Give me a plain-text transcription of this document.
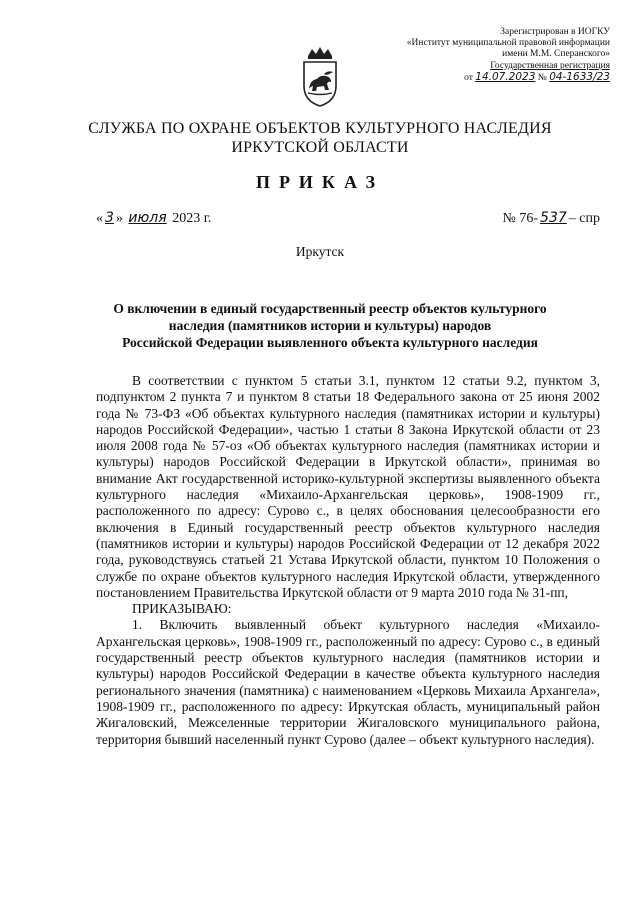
Зарегистрирован в ИОГКУ
«Институт муниципальной правовой информации
имени М.М. Сперанского»
Государственная регистрация
от 14.07.2023 № 04-1633/23
СЛУЖБА ПО ОХРАНЕ ОБЪЕКТОВ КУЛЬТУРНОГО НАСЛЕДИЯ
ИРКУТСКОЙ ОБЛАСТИ
ПРИКАЗ
« 3 » июля 2023 г.	№ 76- 537 – спр
Иркутск
О включении в единый государственный реестр объектов культурного
наследия (памятников истории и культуры) народов
Российской Федерации выявленного объекта культурного наследия

В соответствии с пунктом 5 статьи 3.1, пунктом 12 статьи 9.2, пунктом 3, подпунктом 2 пункта 7 и пунктом 8 статьи 18 Федерального закона от 25 июня 2002 года № 73-ФЗ «Об объектах культурного наследия (памятниках истории и культуры) народов Российской Федерации», частью 1 статьи 8 Закона Иркутской области от 23 июля 2008 года № 57-оз «Об объектах культурного наследия (памятниках истории и культуры) народов Российской Федерации в Иркутской области», принимая во внимание Акт государственной историко-культурной экспертизы выявленного объекта культурного наследия «Михаило-Архангельская церковь», 1908-1909 гг., расположенного по адресу: Сурово с., в целях обоснования целесообразности его включения в Единый государственный реестр объектов культурного наследия (памятников истории и культуры) народов Российской Федерации от 12 декабря 2022 года, руководствуясь статьей 21 Устава Иркутской области, пунктом 10 Положения о службе по охране объектов культурного наследия Иркутской области, утвержденного постановлением Правительства Иркутской области от 9 марта 2010 года № 31-пп,

ПРИКАЗЫВАЮ:

1. Включить выявленный объект культурного наследия «Михаило-Архангельская церковь», 1908-1909 гг., расположенный по адресу: Сурово с., в единый государственный реестр объектов культурного наследия (памятников истории и культуры) народов Российской Федерации в качестве объекта культурного наследия регионального значения (памятника) с наименованием «Церковь Михаила Архангела», 1908-1909 гг., расположенного по адресу: Иркутская область, муниципальный район Жигаловский, Межселенные территории Жигаловского муниципального района, территория бывший населенный пункт Сурово (далее – объект культурного наследия).
